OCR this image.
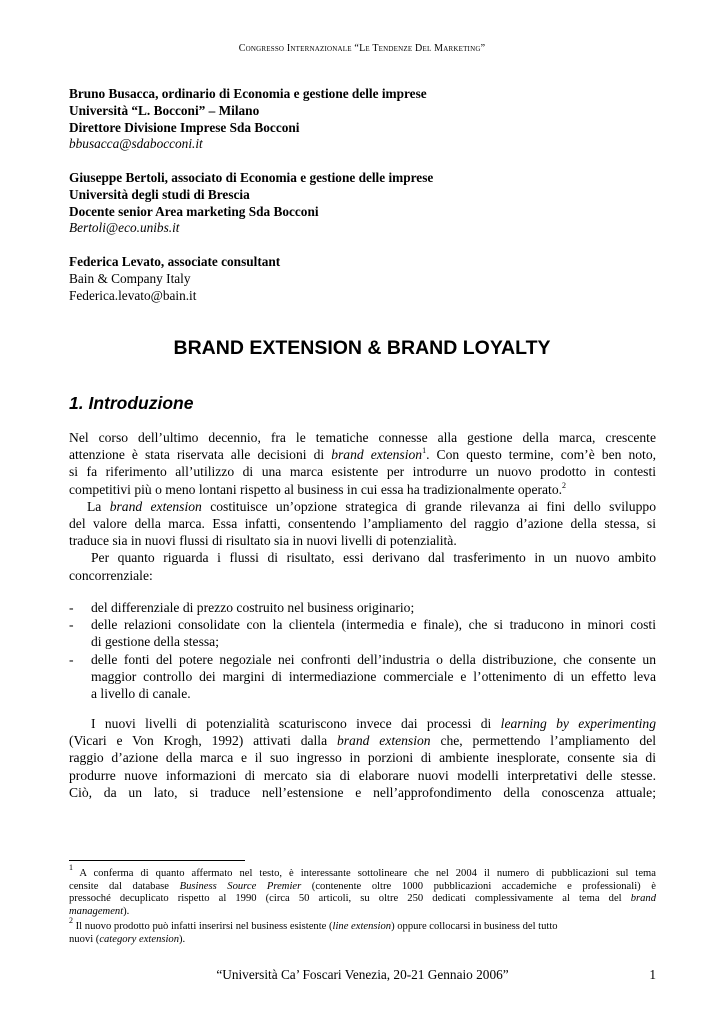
Congresso Internazionale “Le Tendenze Del Marketing”
Bruno Busacca, ordinario di Economia e gestione delle imprese
Università “L. Bocconi” – Milano
Direttore Divisione Imprese Sda Bocconi
bbusacca@sdabocconi.it
Giuseppe Bertoli, associato di Economia e gestione delle imprese
Università degli studi di Brescia
Docente senior Area marketing Sda Bocconi
Bertoli@eco.unibs.it
Federica Levato, associate consultant
Bain & Company Italy
Federica.levato@bain.it
BRAND EXTENSION & BRAND LOYALTY
1. Introduzione
Nel corso dell’ultimo decennio, fra le tematiche connesse alla gestione della marca, crescente
attenzione è stata riservata alle decisioni di brand extension$^1$. Con questo termine, com’è ben noto,
si fa riferimento all’utilizzo di una marca esistente per introdurre un nuovo prodotto in contesti
competitivi più o meno lontani rispetto al business in cui essa ha tradizionalmente operato.$^2$
La brand extension costituisce un’opzione strategica di grande rilevanza ai fini dello sviluppo
del valore della marca. Essa infatti, consentendo l’ampliamento del raggio d’azione della stessa, si
traduce sia in nuovi flussi di risultato sia in nuovi livelli di potenzialità.
Per quanto riguarda i flussi di risultato, essi derivano dal trasferimento in un nuovo ambito
concorrenziale:
- del differenziale di prezzo costruito nel business originario;
- delle relazioni consolidate con la clientela (intermedia e finale), che si traducono in minori costi
di gestione della stessa;
- delle fonti del potere negoziale nei confronti dell’industria o della distribuzione, che consente un
maggior controllo dei margini di intermediazione commerciale e l’ottenimento di un effetto leva
a livello di canale.
I nuovi livelli di potenzialità scaturiscono invece dai processi di learning by experimenting
(Vicari e Von Krogh, 1992) attivati dalla brand extension che, permettendo l’ampliamento del
raggio d’azione della marca e il suo ingresso in porzioni di ambiente inesplorate, consente sia di
produrre nuove informazioni di mercato sia di elaborare nuovi modelli interpretativi delle stesse.
Ciò, da un lato, si traduce nell’estensione e nell’approfondimento della conoscenza attuale;
$^1$ A conferma di quanto affermato nel testo, è interessante sottolineare che nel 2004 il numero di pubblicazioni sul tema
censite dal database Business Source Premier (contenente oltre 1000 pubblicazioni accademiche e professionali) è
pressoché decuplicato rispetto al 1990 (circa 50 articoli, su oltre 250 dedicati complessivamente al tema del brand
management).
$^2$ Il nuovo prodotto può infatti inserirsi nel business esistente (line extension) oppure collocarsi in business del tutto
nuovi (category extension).
“Università Ca’ Foscari Venezia, 20-21 Gennaio 2006”	1
